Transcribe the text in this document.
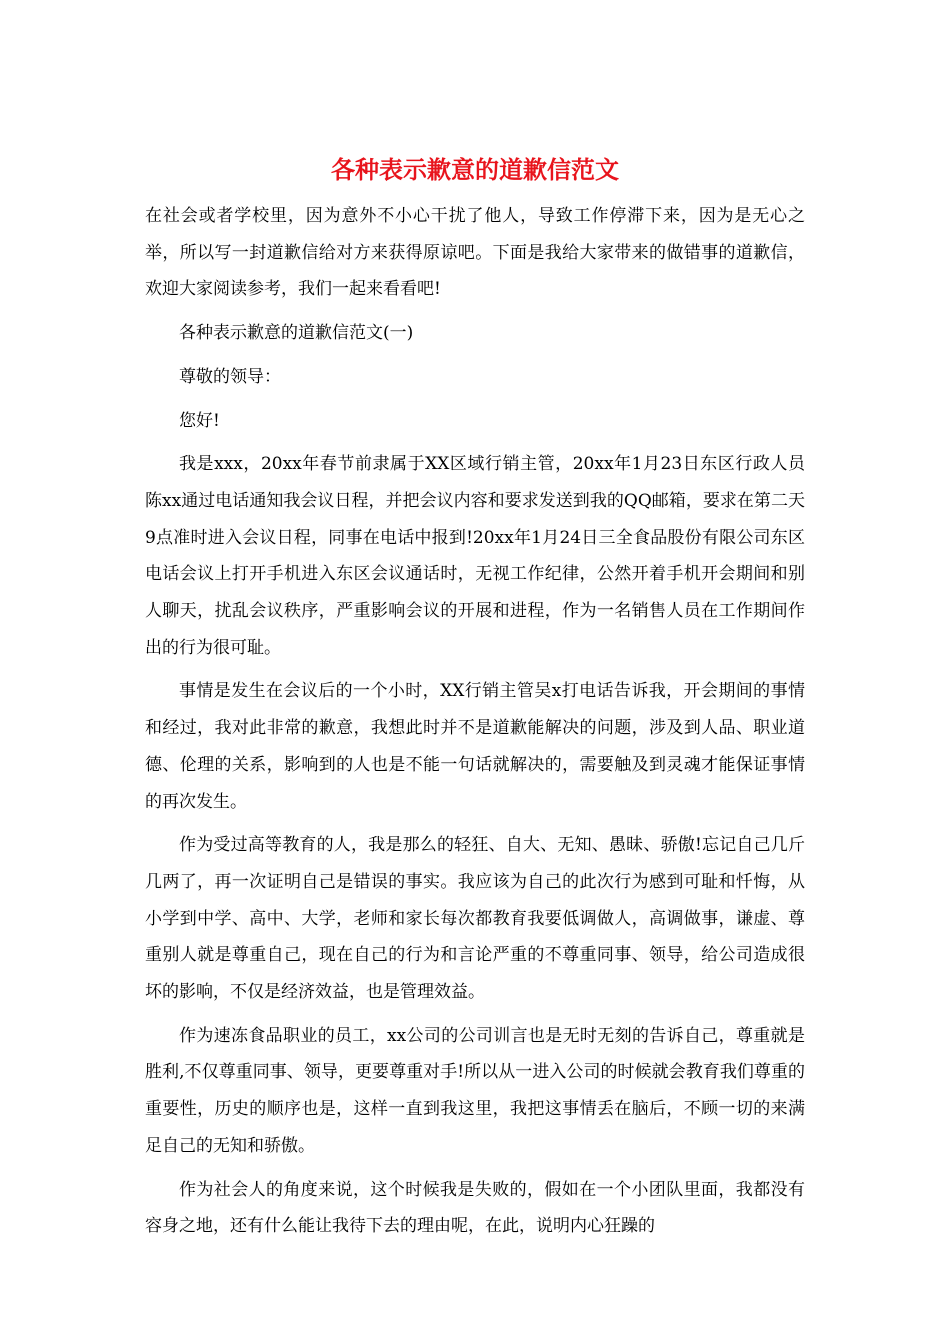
各种表示歉意的道歉信范文

在社会或者学校里，因为意外不小心干扰了他人，导致工作停滞下来，因为是无心之举，所以写一封道歉信给对方来获得原谅吧。下面是我给大家带来的做错事的道歉信，欢迎大家阅读参考，我们一起来看看吧!

各种表示歉意的道歉信范文(一)

尊敬的领导：

您好!

我是xxx，20xx年春节前隶属于XX区域行销主管，20xx年1月23日东区行政人员陈xx通过电话通知我会议日程，并把会议内容和要求发送到我的QQ邮箱，要求在第二天9点准时进入会议日程，同事在电话中报到!20xx年1月24日三全食品股份有限公司东区电话会议上打开手机进入东区会议通话时，无视工作纪律，公然开着手机开会期间和别人聊天，扰乱会议秩序，严重影响会议的开展和进程，作为一名销售人员在工作期间作出的行为很可耻。

事情是发生在会议后的一个小时，XX行销主管吴x打电话告诉我，开会期间的事情和经过，我对此非常的歉意，我想此时并不是道歉能解决的问题，涉及到人品、职业道德、伦理的关系，影响到的人也是不能一句话就解决的，需要触及到灵魂才能保证事情的再次发生。

作为受过高等教育的人，我是那么的轻狂、自大、无知、愚昧、骄傲!忘记自己几斤几两了，再一次证明自己是错误的事实。我应该为自己的此次行为感到可耻和忏悔，从小学到中学、高中、大学，老师和家长每次都教育我要低调做人，高调做事，谦虚、尊重别人就是尊重自己，现在自己的行为和言论严重的不尊重同事、领导，给公司造成很坏的影响，不仅是经济效益，也是管理效益。

作为速冻食品职业的员工，xx公司的公司训言也是无时无刻的告诉自己，尊重就是胜利,不仅尊重同事、领导，更要尊重对手!所以从一进入公司的时候就会教育我们尊重的重要性，历史的顺序也是，这样一直到我这里，我把这事情丢在脑后，不顾一切的来满足自己的无知和骄傲。

作为社会人的角度来说，这个时候我是失败的，假如在一个小团队里面，我都没有容身之地，还有什么能让我待下去的理由呢，在此，说明内心狂躁的
